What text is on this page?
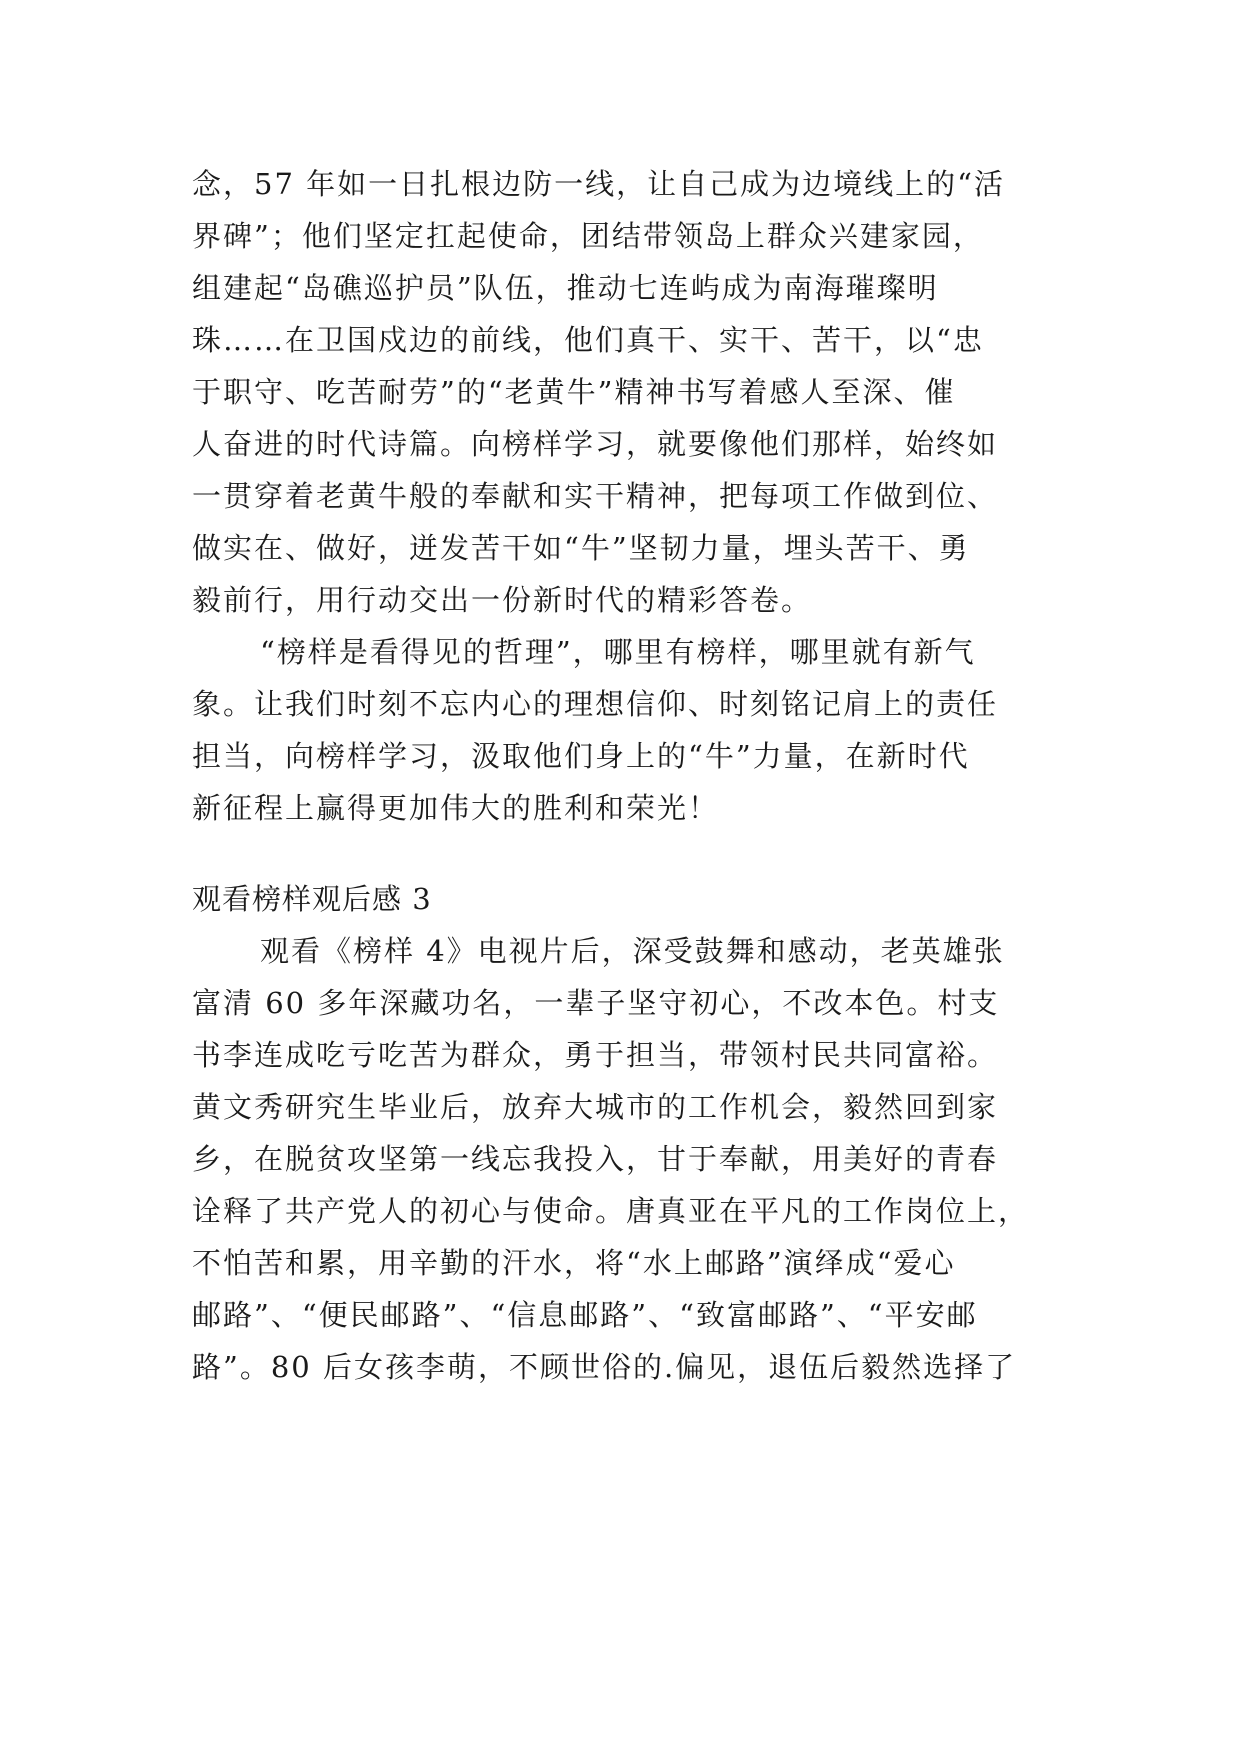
念，57 年如一日扎根边防一线，让自己成为边境线上的“活
界碑”；他们坚定扛起使命，团结带领岛上群众兴建家园，
组建起“岛礁巡护员”队伍，推动七连屿成为南海璀璨明
珠……在卫国戍边的前线，他们真干、实干、苦干，以“忠
于职守、吃苦耐劳”的“老黄牛”精神书写着感人至深、催
人奋进的时代诗篇。向榜样学习，就要像他们那样，始终如
一贯穿着老黄牛般的奉献和实干精神，把每项工作做到位、
做实在、做好，迸发苦干如“牛”坚韧力量，埋头苦干、勇
毅前行，用行动交出一份新时代的精彩答卷。
“榜样是看得见的哲理”，哪里有榜样，哪里就有新气
象。让我们时刻不忘内心的理想信仰、时刻铭记肩上的责任
担当，向榜样学习，汲取他们身上的“牛”力量，在新时代
新征程上赢得更加伟大的胜利和荣光！
观看榜样观后感 3
观看《榜样 4》电视片后，深受鼓舞和感动，老英雄张
富清 60 多年深藏功名，一辈子坚守初心，不改本色。村支
书李连成吃亏吃苦为群众，勇于担当，带领村民共同富裕。
黄文秀研究生毕业后，放弃大城市的工作机会，毅然回到家
乡，在脱贫攻坚第一线忘我投入，甘于奉献，用美好的青春
诠释了共产党人的初心与使命。唐真亚在平凡的工作岗位上，
不怕苦和累，用辛勤的汗水，将“水上邮路”演绎成“爱心
邮路”、“便民邮路”、“信息邮路”、“致富邮路”、“平安邮
路”。80 后女孩李萌，不顾世俗的.偏见，退伍后毅然选择了
